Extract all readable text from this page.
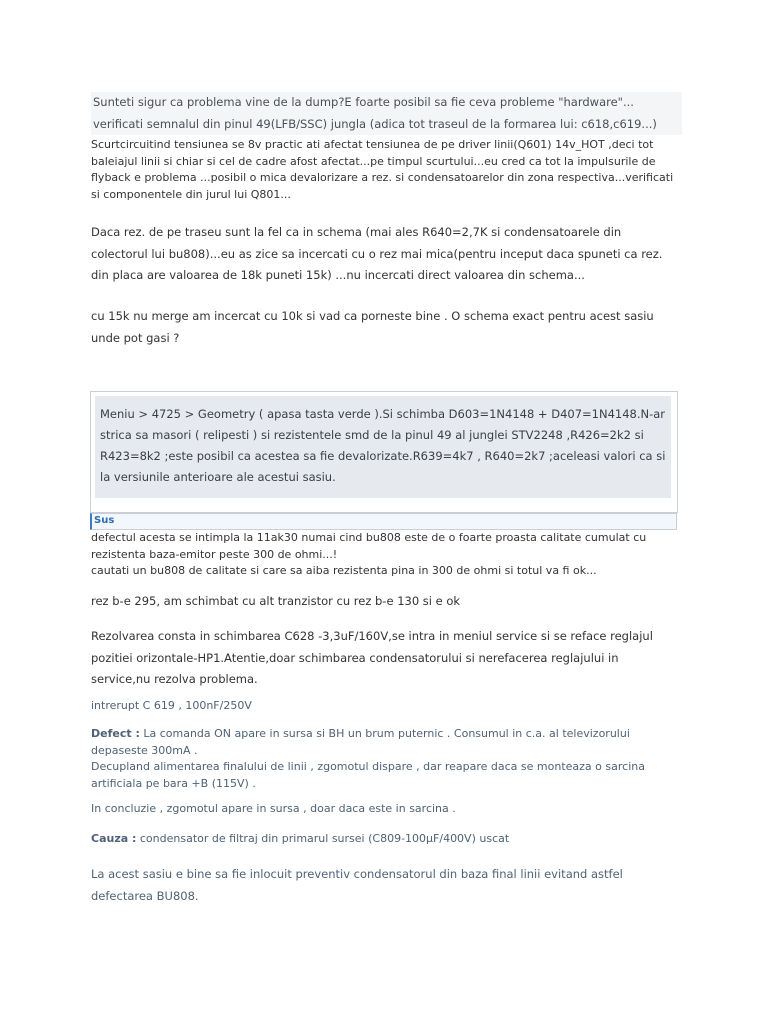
Sunteti sigur ca problema vine de la dump?E foarte posibil sa fie ceva probleme "hardware"... verificati semnalul din pinul 49(LFB/SSC) jungla (adica tot traseul de la formarea lui: c618,c619...)
Scurtcircuitind tensiunea se 8v practic ati afectat tensiunea de pe driver linii(Q601) 14v_HOT ,deci tot baleiajul linii si chiar si cel de cadre afost afectat...pe timpul scurtului...eu cred ca tot la impulsurile de flyback e problema ...posibil o mica devalorizare a rez. si condensatoarelor din zona respectiva...verificati si componentele din jurul lui Q801...
Daca rez. de pe traseu sunt la fel ca in schema (mai ales R640=2,7K si condensatoarele din colectorul lui bu808)...eu as zice sa incercati cu o rez mai mica(pentru inceput daca spuneti ca rez. din placa are valoarea de 18k puneti 15k) ...nu incercati direct valoarea din schema...
cu 15k nu merge am incercat cu 10k si vad ca porneste bine . O schema exact pentru acest sasiu unde pot gasi ?
Meniu > 4725 > Geometry ( apasa tasta verde ).Si schimba D603=1N4148 + D407=1N4148.N-ar strica sa masori ( relipesti ) si rezistentele smd de la pinul 49 al junglei STV2248 ,R426=2k2 si R423=8k2 ;este posibil ca acestea sa fie devalorizate.R639=4k7 , R640=2k7 ;aceleasi valori ca si la versiunile anterioare ale acestui sasiu.
Sus
defectul acesta se intimpla la 11ak30 numai cind bu808 este de o foarte proasta calitate cumulat cu rezistenta baza-emitor peste 300 de ohmi...!
cautati un bu808 de calitate si care sa aiba rezistenta pina in 300 de ohmi si totul va fi ok...
rez b-e 295, am schimbat cu alt tranzistor cu rez b-e 130 si e ok
Rezolvarea consta in schimbarea C628 -3,3uF/160V,se intra in meniul service si se reface reglajul pozitiei orizontale-HP1.Atentie,doar schimbarea condensatorului si nerefacerea reglajului in service,nu rezolva problema.
intrerupt C 619 , 100nF/250V
Defect : La comanda ON apare in sursa si BH un brum puternic . Consumul in c.a. al televizorului depaseste 300mA .
Decupland alimentarea finalului de linii , zgomotul dispare , dar reapare daca se monteaza o sarcina artificiala pe bara +B (115V) .
In concluzie , zgomotul apare in sursa , doar daca este in sarcina .
Cauza : condensator de filtraj din primarul sursei (C809-100µF/400V) uscat
La acest sasiu e bine sa fie inlocuit preventiv condensatorul din baza final linii evitand astfel defectarea BU808.
